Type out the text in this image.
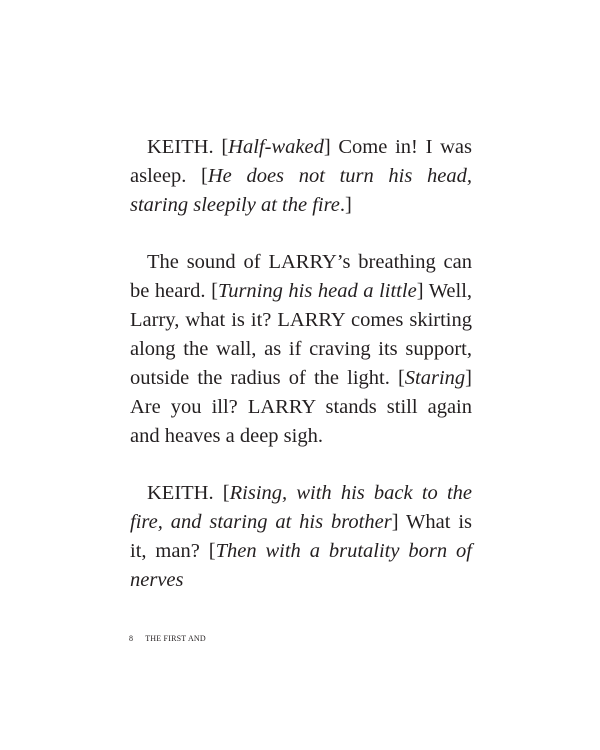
KEITH. [Half-waked] Come in! I was asleep. [He does not turn his head, staring sleepily at the fire.]

The sound of LARRY’s breathing can be heard. [Turning his head a little] Well, Larry, what is it? LARRY comes skirting along the wall, as if craving its support, outside the radius of the light. [Staring] Are you ill? LARRY stands still again and heaves a deep sigh.

KEITH. [Rising, with his back to the fire, and staring at his brother] What is it, man? [Then with a brutality born of nerves

8 THE FIRST AND
